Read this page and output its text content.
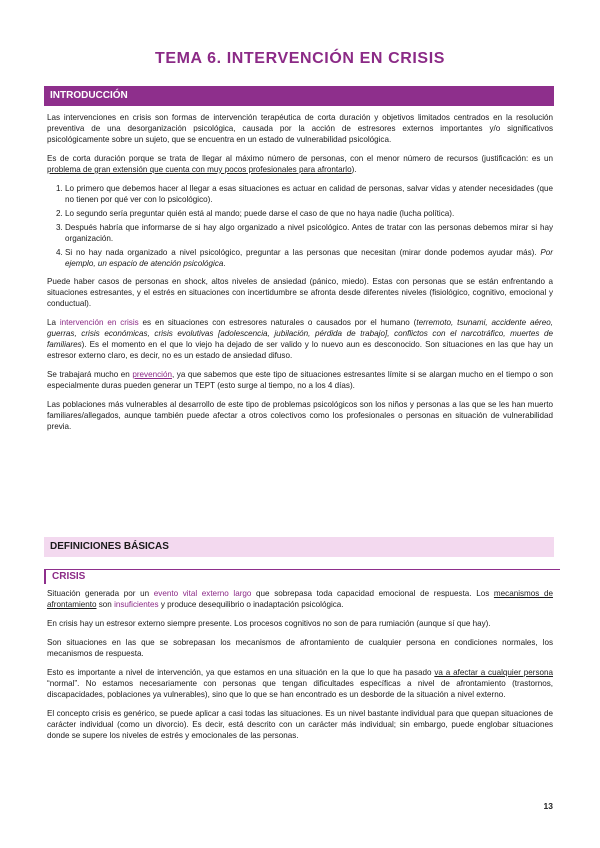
TEMA 6. INTERVENCIÓN EN CRISIS
INTRODUCCIÓN

Las intervenciones en crisis son formas de intervención terapéutica de corta duración y objetivos limitados centrados en la resolución preventiva de una desorganización psicológica, causada por la acción de estresores externos importantes y/o significativos psicológicamente sobre un sujeto, que se encuentra en un estado de vulnerabilidad psicológica.

Es de corta duración porque se trata de llegar al máximo número de personas, con el menor número de recursos (justificación: es un problema de gran extensión que cuenta con muy pocos profesionales para afrontarlo).

1. Lo primero que debemos hacer al llegar a esas situaciones es actuar en calidad de personas, salvar vidas y atender necesidades (que no tienen por qué ver con lo psicológico).
2. Lo segundo sería preguntar quién está al mando; puede darse el caso de que no haya nadie (lucha política).
3. Después habría que informarse de si hay algo organizado a nivel psicológico. Antes de tratar con las personas debemos mirar si hay organización.
4. Si no hay nada organizado a nivel psicológico, preguntar a las personas que necesitan (mirar donde podemos ayudar más). Por ejemplo, un espacio de atención psicológica.

Puede haber casos de personas en shock, altos niveles de ansiedad (pánico, miedo). Estas con personas que se están enfrentando a situaciones estresantes, y el estrés en situaciones con incertidumbre se afronta desde diferentes niveles (fisiológico, cognitivo, emocional y conductual).

La intervención en crisis es en situaciones con estresores naturales o causados por el humano (terremoto, tsunami, accidente aéreo, guerras, crisis económicas, crisis evolutivas [adolescencia, jubilación, pérdida de trabajo], conflictos con el narcotráfico, muertes de familiares). Es el momento en el que lo viejo ha dejado de ser valido y lo nuevo aun es desconocido. Son situaciones en las que hay un estresor externo claro, es decir, no es un estado de ansiedad difuso.

Se trabajará mucho en prevención, ya que sabemos que este tipo de situaciones estresantes límite si se alargan mucho en el tiempo o son especialmente duras pueden generar un TEPT (esto surge al tiempo, no a los 4 días).

Las poblaciones más vulnerables al desarrollo de este tipo de problemas psicológicos son los niños y personas a las que se les han muerto familiares/allegados, aunque también puede afectar a otros colectivos como los profesionales o personas en situación de vulnerabilidad previa.

DEFINICIONES BÁSICAS
CRISIS

Situación generada por un evento vital externo largo que sobrepasa toda capacidad emocional de respuesta. Los mecanismos de afrontamiento son insuficientes y produce desequilibrio o inadaptación psicológica.

En crisis hay un estresor externo siempre presente. Los procesos cognitivos no son de para rumiación (aunque sí que hay).

Son situaciones en las que se sobrepasan los mecanismos de afrontamiento de cualquier persona en condiciones normales, los mecanismos de respuesta.

Esto es importante a nivel de intervención, ya que estamos en una situación en la que lo que ha pasado va a afectar a cualquier persona “normal”. No estamos necesariamente con personas que tengan dificultades específicas a nivel de afrontamiento (trastornos, discapacidades, poblaciones ya vulnerables), sino que lo que se han encontrado es un desborde de la situación a nivel externo.

El concepto crisis es genérico, se puede aplicar a casi todas las situaciones. Es un nivel bastante individual para que quepan situaciones de carácter individual (como un divorcio). Es decir, está descrito con un carácter más individual; sin embargo, puede englobar situaciones donde se supere los niveles de estrés y emocionales de las personas.

13
